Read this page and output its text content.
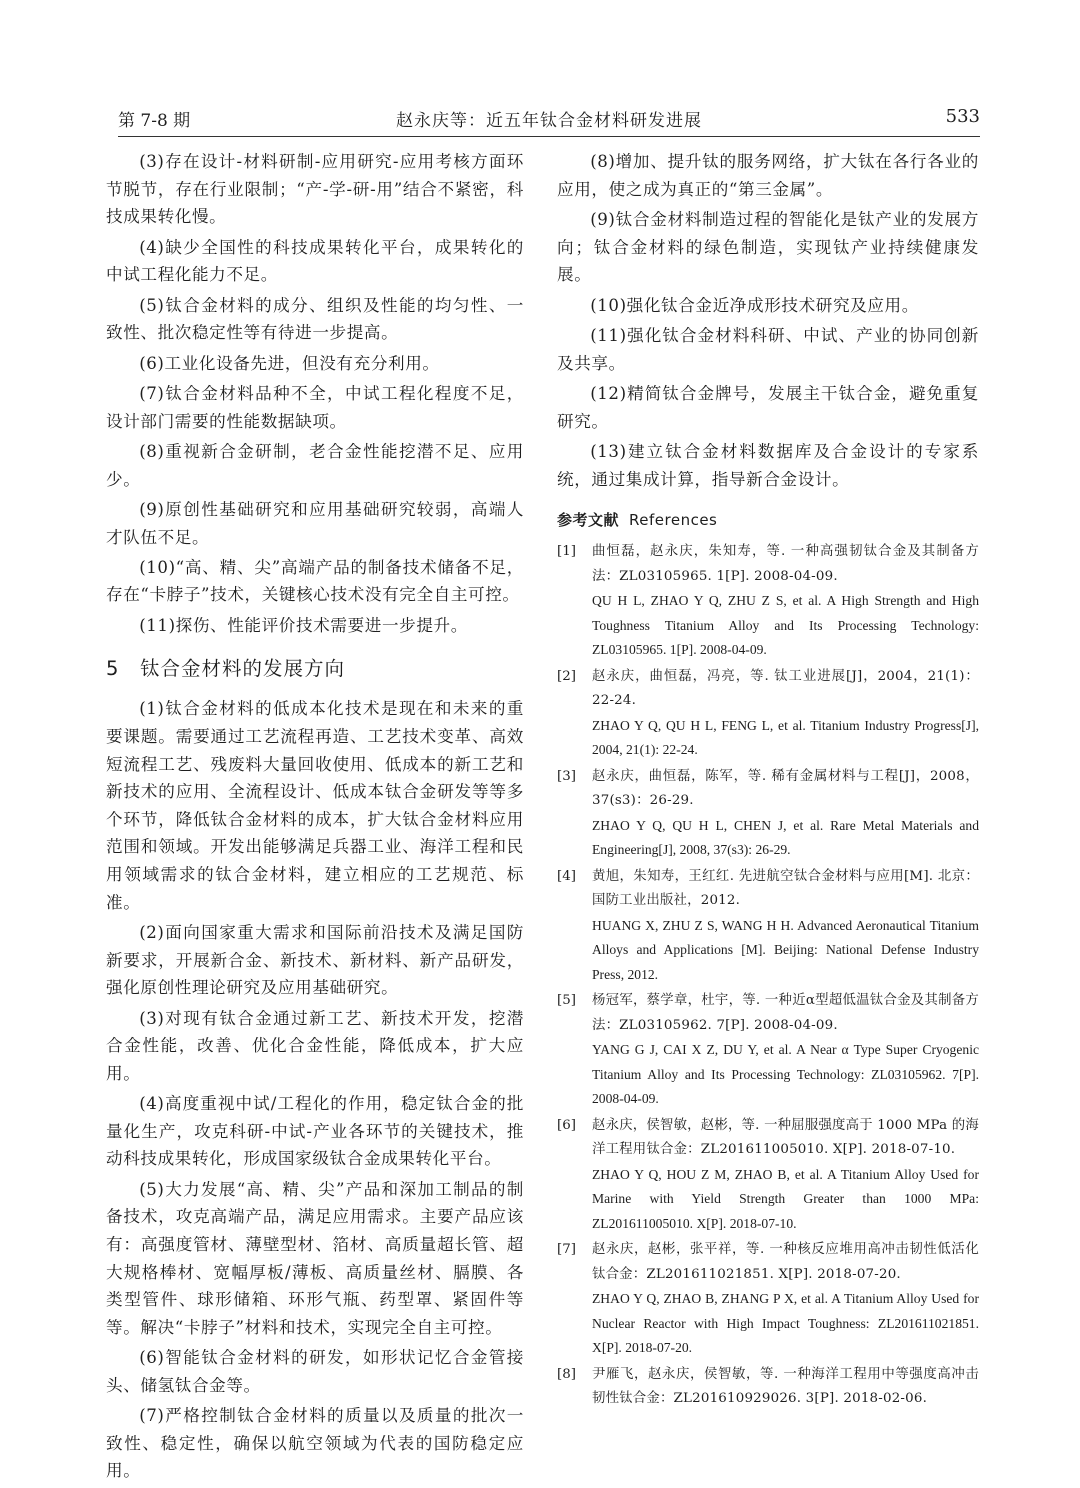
第 7-8 期	赵永庆等：近五年钛合金材料研发进展	533

(3)存在设计-材料研制-应用研究-应用考核方面环节脱节，存在行业限制；“产-学-研-用”结合不紧密，科技成果转化慢。

(4)缺少全国性的科技成果转化平台，成果转化的中试工程化能力不足。

(5)钛合金材料的成分、组织及性能的均匀性、一致性、批次稳定性等有待进一步提高。

(6)工业化设备先进，但没有充分利用。

(7)钛合金材料品种不全，中试工程化程度不足，设计部门需要的性能数据缺项。

(8)重视新合金研制，老合金性能挖潜不足、应用少。

(9)原创性基础研究和应用基础研究较弱，高端人才队伍不足。

(10)“高、精、尖”高端产品的制备技术储备不足，存在“卡脖子”技术，关键核心技术没有完全自主可控。

(11)探伤、性能评价技术需要进一步提升。

5 钛合金材料的发展方向

(1)钛合金材料的低成本化技术是现在和未来的重要课题。需要通过工艺流程再造、工艺技术变革、高效短流程工艺、残废料大量回收使用、低成本的新工艺和新技术的应用、全流程设计、低成本钛合金研发等等多个环节，降低钛合金材料的成本，扩大钛合金材料应用范围和领域。开发出能够满足兵器工业、海洋工程和民用领域需求的钛合金材料，建立相应的工艺规范、标准。

(2)面向国家重大需求和国际前沿技术及满足国防新要求，开展新合金、新技术、新材料、新产品研发，强化原创性理论研究及应用基础研究。

(3)对现有钛合金通过新工艺、新技术开发，挖潜合金性能，改善、优化合金性能，降低成本，扩大应用。

(4)高度重视中试/工程化的作用，稳定钛合金的批量化生产，攻克科研-中试-产业各环节的关键技术，推动科技成果转化，形成国家级钛合金成果转化平台。

(5)大力发展“高、精、尖”产品和深加工制品的制备技术，攻克高端产品，满足应用需求。主要产品应该有：高强度管材、薄壁型材、箔材、高质量超长管、超大规格棒材、宽幅厚板/薄板、高质量丝材、膈膜、各类型管件、球形储箱、环形气瓶、药型罩、紧固件等等。解决“卡脖子”材料和技术，实现完全自主可控。

(6)智能钛合金材料的研发，如形状记忆合金管接头、储氢钛合金等。

(7)严格控制钛合金材料的质量以及质量的批次一致性、稳定性，确保以航空领域为代表的国防稳定应用。

(8)增加、提升钛的服务网络，扩大钛在各行各业的应用，使之成为真正的“第三金属”。

(9)钛合金材料制造过程的智能化是钛产业的发展方向；钛合金材料的绿色制造，实现钛产业持续健康发展。

(10)强化钛合金近净成形技术研究及应用。

(11)强化钛合金材料科研、中试、产业的协同创新及共享。

(12)精简钛合金牌号，发展主干钛合金，避免重复研究。

(13)建立钛合金材料数据库及合金设计的专家系统，通过集成计算，指导新合金设计。

参考文献 References
[1] 曲恒磊，赵永庆，朱知寿，等. 一种高强韧钛合金及其制备方法：ZL03105965. 1[P]. 2008-04-09.
QU H L, ZHAO Y Q, ZHU Z S, et al. A High Strength and High Toughness Titanium Alloy and Its Processing Technology: ZL03105965. 1[P]. 2008-04-09.
[2] 赵永庆，曲恒磊，冯亮，等. 钛工业进展[J]，2004，21(1)：22-24.
ZHAO Y Q, QU H L, FENG L, et al. Titanium Industry Progress[J], 2004, 21(1): 22-24.
[3] 赵永庆，曲恒磊，陈军，等. 稀有金属材料与工程[J]，2008，37(s3)：26-29.
ZHAO Y Q, QU H L, CHEN J, et al. Rare Metal Materials and Engineering[J], 2008, 37(s3): 26-29.
[4] 黄旭，朱知寿，王红红. 先进航空钛合金材料与应用[M]. 北京：国防工业出版社，2012.
HUANG X, ZHU Z S, WANG H H. Advanced Aeronautical Titanium Alloys and Applications [M]. Beijing: National Defense Industry Press, 2012.
[5] 杨冠军，蔡学章，杜宇，等. 一种近α型超低温钛合金及其制备方法：ZL03105962. 7[P]. 2008-04-09.
YANG G J, CAI X Z, DU Y, et al. A Near α Type Super Cryogenic Titanium Alloy and Its Processing Technology: ZL03105962. 7[P]. 2008-04-09.
[6] 赵永庆，侯智敏，赵彬，等. 一种屈服强度高于 1000 MPa 的海洋工程用钛合金：ZL201611005010. X[P]. 2018-07-10.
ZHAO Y Q, HOU Z M, ZHAO B, et al. A Titanium Alloy Used for Marine with Yield Strength Greater than 1000 MPa: ZL201611005010. X[P]. 2018-07-10.
[7] 赵永庆，赵彬，张平祥，等. 一种核反应堆用高冲击韧性低活化钛合金：ZL201611021851. X[P]. 2018-07-20.
ZHAO Y Q, ZHAO B, ZHANG P X, et al. A Titanium Alloy Used for Nuclear Reactor with High Impact Toughness: ZL201611021851. X[P]. 2018-07-20.
[8] 尹雁飞，赵永庆，侯智敏，等. 一种海洋工程用中等强度高冲击韧性钛合金：ZL201610929026. 3[P]. 2018-02-06.
